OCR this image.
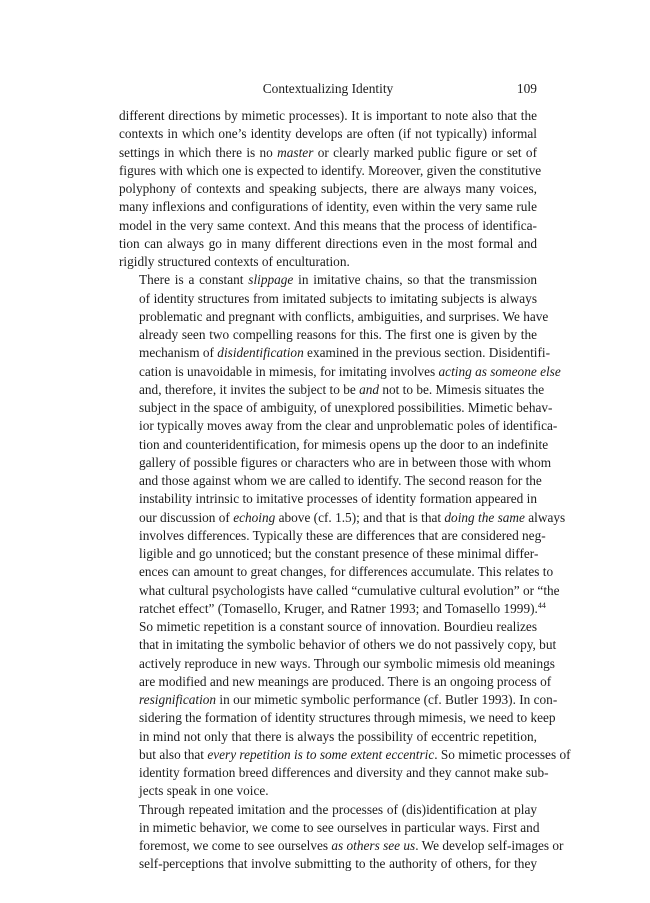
Contextualizing Identity	109

different directions by mimetic processes). It is important to note also that the
contexts in which one’s identity develops are often (if not typically) informal
settings in which there is no master or clearly marked public figure or set of
figures with which one is expected to identify. Moreover, given the constitutive
polyphony of contexts and speaking subjects, there are always many voices,
many inflexions and configurations of identity, even within the very same rule
model in the very same context. And this means that the process of identifica-
tion can always go in many different directions even in the most formal and
rigidly structured contexts of enculturation.

There is a constant slippage in imitative chains, so that the transmission
of identity structures from imitated subjects to imitating subjects is always
problematic and pregnant with conflicts, ambiguities, and surprises. We have
already seen two compelling reasons for this. The first one is given by the
mechanism of disidentification examined in the previous section. Disidentifi-
cation is unavoidable in mimesis, for imitating involves acting as someone else
and, therefore, it invites the subject to be and not to be. Mimesis situates the
subject in the space of ambiguity, of unexplored possibilities. Mimetic behav-
ior typically moves away from the clear and unproblematic poles of identifica-
tion and counteridentification, for mimesis opens up the door to an indefinite
gallery of possible figures or characters who are in between those with whom
and those against whom we are called to identify. The second reason for the
instability intrinsic to imitative processes of identity formation appeared in
our discussion of echoing above (cf. 1.5); and that is that doing the same always
involves differences. Typically these are differences that are considered neg-
ligible and go unnoticed; but the constant presence of these minimal differ-
ences can amount to great changes, for differences accumulate. This relates to
what cultural psychologists have called “cumulative cultural evolution” or “the
ratchet effect” (Tomasello, Kruger, and Ratner 1993; and Tomasello 1999).$^{44}$
So mimetic repetition is a constant source of innovation. Bourdieu realizes
that in imitating the symbolic behavior of others we do not passively copy, but
actively reproduce in new ways. Through our symbolic mimesis old meanings
are modified and new meanings are produced. There is an ongoing process of
resignification in our mimetic symbolic performance (cf. Butler 1993). In con-
sidering the formation of identity structures through mimesis, we need to keep
in mind not only that there is always the possibility of eccentric repetition,
but also that every repetition is to some extent eccentric. So mimetic processes of
identity formation breed differences and diversity and they cannot make sub-
jects speak in one voice.

Through repeated imitation and the processes of (dis)identification at play
in mimetic behavior, we come to see ourselves in particular ways. First and
foremost, we come to see ourselves as others see us. We develop self-images or
self-perceptions that involve submitting to the authority of others, for they
